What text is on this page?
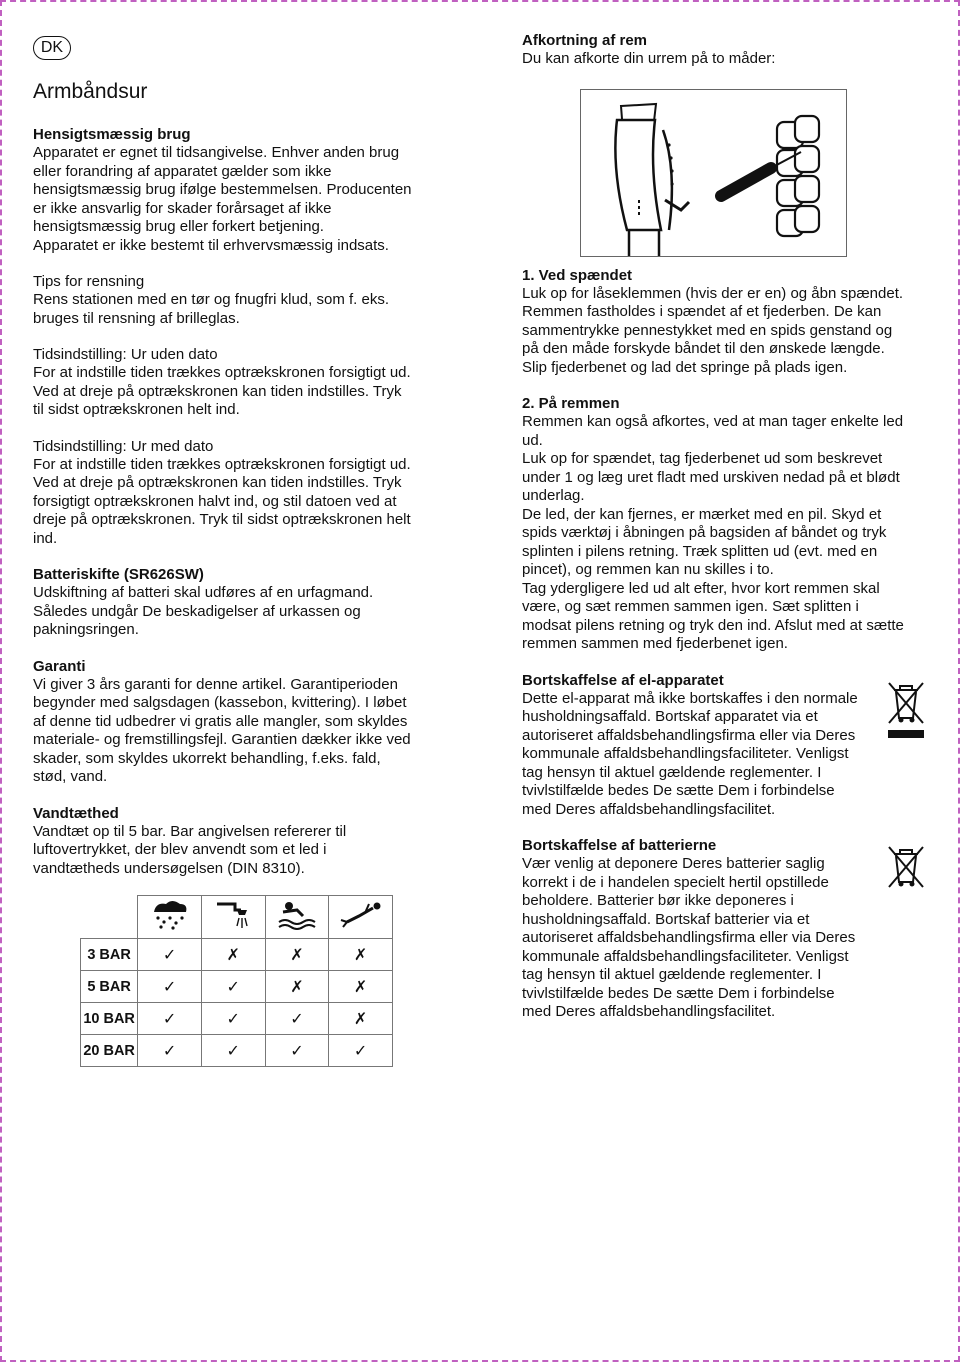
DK
Armbåndsur

Hensigtsmæssig brug

Apparatet er egnet til tidsangivelse. Enhver anden brug

eller forandring af apparatet gælder som ikke

hensigtsmæssig brug ifølge bestemmelsen. Producenten

er ikke ansvarlig for skader forårsaget af ikke

hensigtsmæssig brug eller forkert betjening.

Apparatet er ikke bestemt til erhvervsmæssig indsats.

Tips for rensning

Rens stationen med en tør og fnugfri klud, som f. eks.

bruges til rensning af brilleglas.

Tidsindstilling: Ur uden dato

For at indstille tiden trækkes optrækskronen forsigtigt ud.

Ved at dreje på optrækskronen kan tiden indstilles. Tryk

til sidst optrækskronen helt ind.

Tidsindstilling: Ur med dato

For at indstille tiden trækkes optrækskronen forsigtigt ud.

Ved at dreje på optrækskronen kan tiden indstilles. Tryk

forsigtigt optrækskronen halvt ind, og stil datoen ved at

dreje på optrækskronen. Tryk til sidst optrækskronen helt

ind.

Batteriskifte (SR626SW)

Udskiftning af batteri skal udføres af en urfagmand.

Således undgår De beskadigelser af urkassen og

pakningsringen.

Garanti

Vi giver 3 års garanti for denne artikel. Garantiperioden

begynder med salgsdagen (kassebon, kvittering). I løbet

af denne tid udbedrer vi gratis alle mangler, som skyldes

materiale- og fremstillingsfejl. Garantien dækker ikke ved

skader, som skyldes ukorrekt behandling, f.eks. fald,

stød, vand.

Vandtæthed

Vandtæt op til 5 bar. Bar angivelsen refererer til

luftovertrykket, der blev anvendt som et led i

vandtætheds undersøgelsen (DIN 8310).

3 BAR	✓	✗	✗	✗
5 BAR	✓	✓	✗	✗
10 BAR	✓	✓	✓	✗
20 BAR	✓	✓	✓	✓

Afkortning af rem

Du kan afkorte din urrem på to måder:

1. Ved spændet

Luk op for låseklemmen (hvis der er en) og åbn spændet.

Remmen fastholdes i spændet af et fjederben. De kan

sammentrykke pennestykket med en spids genstand og

på den måde forskyde båndet til den ønskede længde.

Slip fjederbenet og lad det springe på plads igen.

2. På remmen

Remmen kan også afkortes, ved at man tager enkelte led

ud.

Luk op for spændet, tag fjederbenet ud som beskrevet

under 1 og læg uret fladt med urskiven nedad på et blødt

underlag.

De led, der kan fjernes, er mærket med en pil. Skyd et

spids værktøj i åbningen på bagsiden af båndet og tryk

splinten i pilens retning. Træk splitten ud (evt. med en

pincet), og remmen kan nu skilles i to.

Tag ydergligere led ud alt efter, hvor kort remmen skal

være, og sæt remmen sammen igen. Sæt splitten i

modsat pilens retning og tryk den ind. Afslut med at sætte

remmen sammen med fjederbenet igen.

Bortskaffelse af el-apparatet

Dette el-apparat må ikke bortskaffes i den normale

husholdningsaffald. Bortskaf apparatet via et

autoriseret affaldsbehandlingsfirma eller via Deres

kommunale affaldsbehandlingsfaciliteter. Venligst

tag hensyn til aktuel gældende reglementer. I

tvivlstilfælde bedes De sætte Dem i forbindelse

med Deres affaldsbehandlingsfacilitet.

Bortskaffelse af batterierne

Vær venlig at deponere Deres batterier saglig

korrekt i de i handelen specielt hertil opstillede

beholdere. Batterier bør ikke deponeres i

husholdningsaffald. Bortskaf batterier via et

autoriseret affaldsbehandlingsfirma eller via Deres

kommunale affaldsbehandlingsfaciliteter. Venligst

tag hensyn til aktuel gældende reglementer. I

tvivlstilfælde bedes De sætte Dem i forbindelse

med Deres affaldsbehandlingsfacilitet.
